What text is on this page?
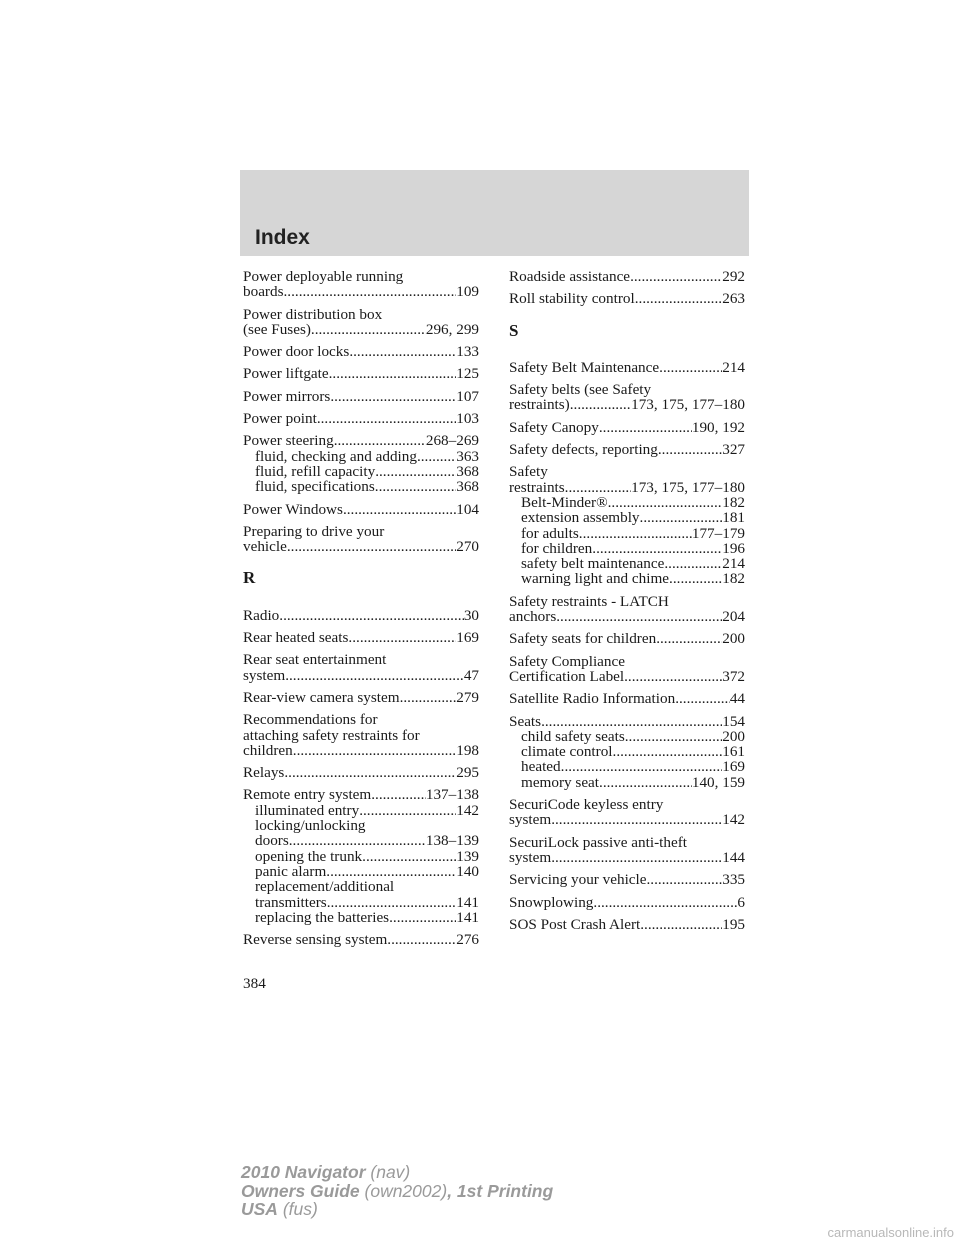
Index
Power deployable running
boards .....	109
Power distribution box
(see Fuses) .....	296, 299
Power door locks .....	133
Power liftgate .....	125
Power mirrors .....	107
Power point .....	103
Power steering .....	268–269
fluid, checking and adding .....	363
fluid, refill capacity .....	368
fluid, specifications .....	368
Power Windows .....	104
Preparing to drive your
vehicle .....	270
R
Radio .....	30
Rear heated seats .....	169
Rear seat entertainment
system .....	47
Rear-view camera system .....	279
Recommendations for
attaching safety restraints for
children .....	198
Relays .....	295
Remote entry system .....	137–138
illuminated entry .....	142
locking/unlocking
doors .....	138–139
opening the trunk .....	139
panic alarm .....	140
replacement/additional
transmitters .....	141
replacing the batteries .....	141
Reverse sensing system .....	276
Roadside assistance .....	292
Roll stability control .....	263
S
Safety Belt Maintenance .....	214
Safety belts (see Safety
restraints) .....	173, 175, 177–180
Safety Canopy .....	190, 192
Safety defects, reporting .....	327
Safety
restraints .....	173, 175, 177–180
Belt-Minder® .....	182
extension assembly .....	181
for adults .....	177–179
for children .....	196
safety belt maintenance .....	214
warning light and chime .....	182
Safety restraints - LATCH
anchors .....	204
Safety seats for children .....	200
Safety Compliance
Certification Label .....	372
Satellite Radio Information .....	44
Seats .....	154
child safety seats .....	200
climate control .....	161
heated .....	169
memory seat .....	140, 159
SecuriCode keyless entry
system .....	142
SecuriLock passive anti-theft
system .....	144
Servicing your vehicle .....	335
Snowplowing .....	6
SOS Post Crash Alert .....	195
384
2010 Navigator (nav)
Owners Guide (own2002), 1st Printing
USA (fus)
carmanualsonline.info
